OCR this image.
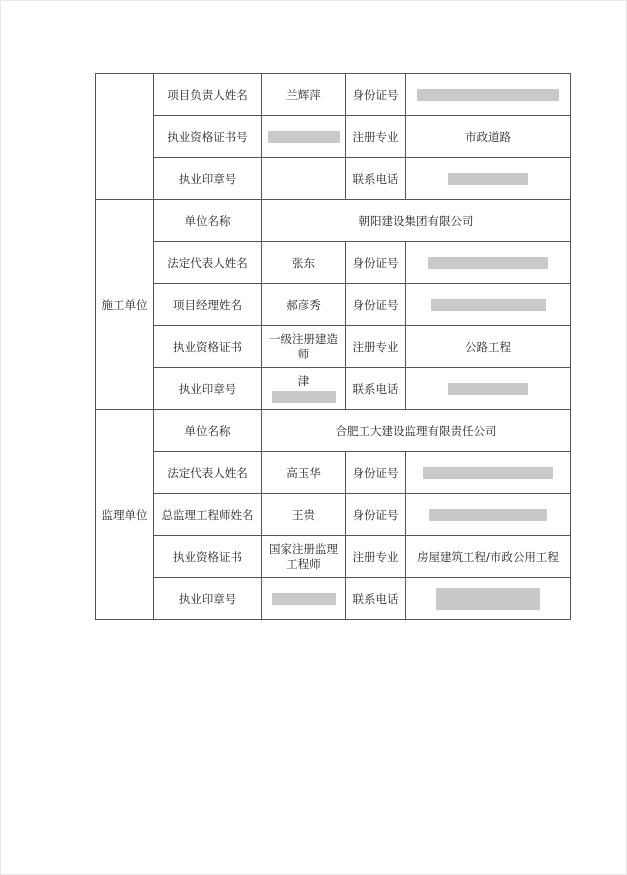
	项目负责人姓名	兰辉萍	身份证号	
	执业资格证书号		注册专业	市政道路
	执业印章号		联系电话	
施工单位	单位名称	朝阳建设集团有限公司		
	法定代表人姓名	张东	身份证号	
	项目经理姓名	郝彦秀	身份证号	
	执业资格证书	一级注册建造师	注册专业	公路工程
	执业印章号	津	联系电话	
监理单位	单位名称	合肥工大建设监理有限责任公司		
	法定代表人姓名	高玉华	身份证号	
	总监理工程师姓名	王贵	身份证号	
	执业资格证书	国家注册监理工程师	注册专业	房屋建筑工程/市政公用工程
	执业印章号		联系电话	
